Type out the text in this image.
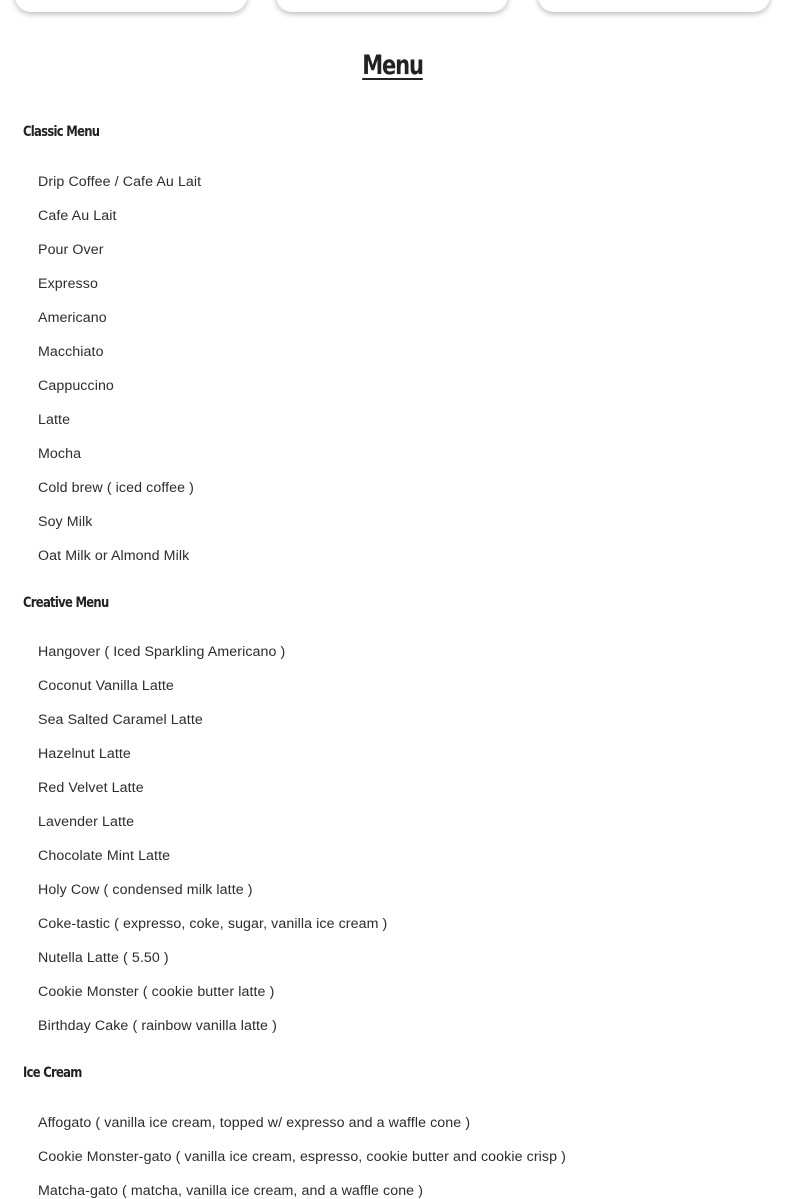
Menu
Classic Menu

Drip Coffee / Cafe Au Lait

Cafe Au Lait

Pour Over

Expresso

Americano

Macchiato

Cappuccino

Latte

Mocha

Cold brew ( iced coffee )

Soy Milk

Oat Milk or Almond Milk

Creative Menu

Hangover ( Iced Sparkling Americano )

Coconut Vanilla Latte

Sea Salted Caramel Latte

Hazelnut Latte

Red Velvet Latte

Lavender Latte

Chocolate Mint Latte

Holy Cow ( condensed milk latte )

Coke-tastic ( expresso, coke, sugar, vanilla ice cream )

Nutella Latte ( 5.50 )

Cookie Monster ( cookie butter latte )

Birthday Cake ( rainbow vanilla latte )

Ice Cream

Affogato ( vanilla ice cream, topped w/ expresso and a waffle cone )

Cookie Monster-gato ( vanilla ice cream, espresso, cookie butter and cookie crisp )

Matcha-gato ( matcha, vanilla ice cream, and a waffle cone )
